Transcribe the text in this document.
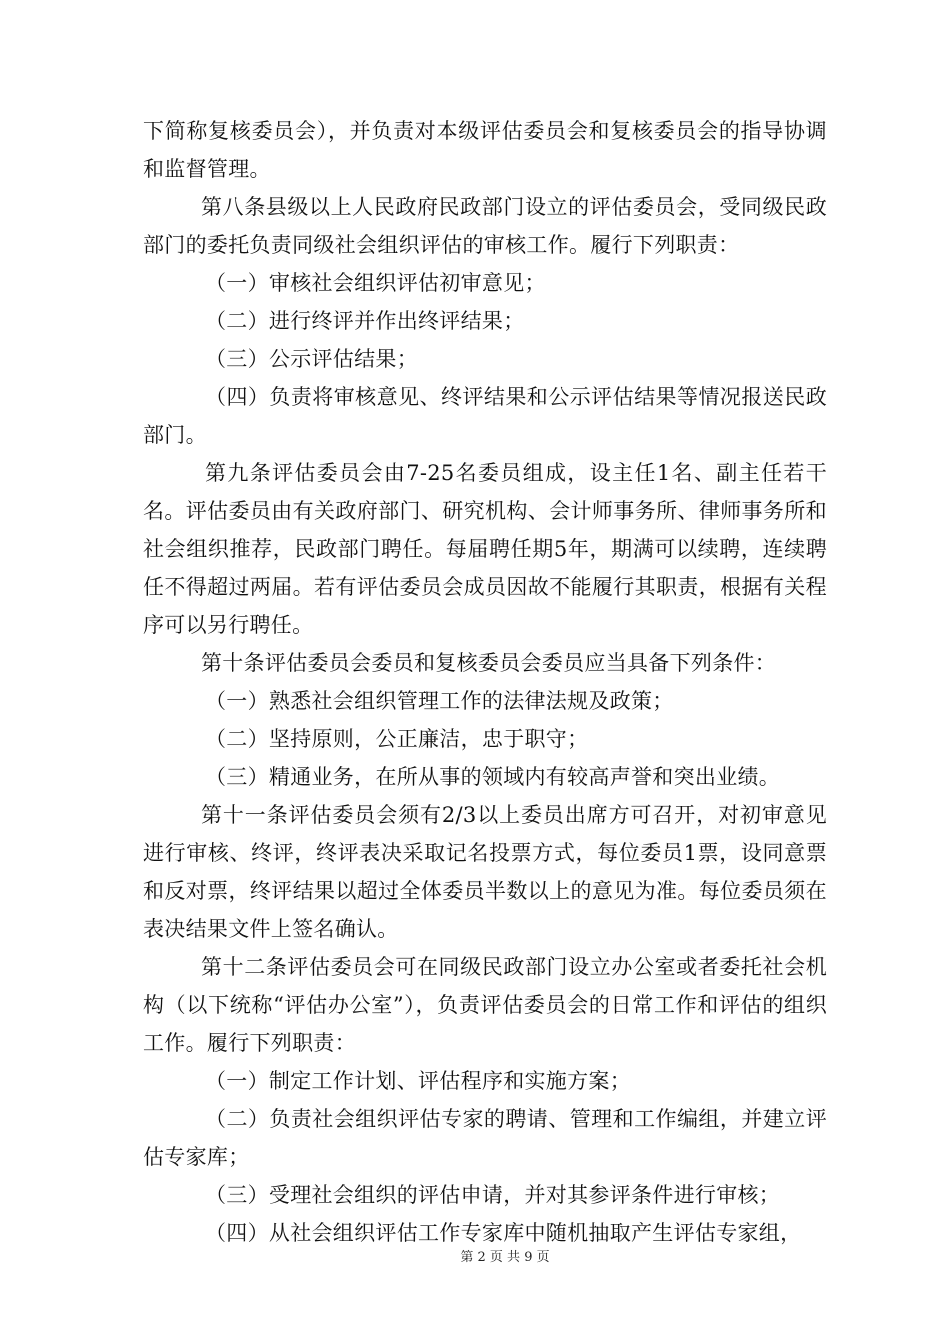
下简称复核委员会），并负责对本级评估委员会和复核委员会的指导协调和监督管理。

第八条县级以上人民政府民政部门设立的评估委员会，受同级民政部门的委托负责同级社会组织评估的审核工作。履行下列职责：

（一）审核社会组织评估初审意见；

（二）进行终评并作出终评结果；

（三）公示评估结果；

（四）负责将审核意见、终评结果和公示评估结果等情况报送民政部门。

第九条评估委员会由7-25名委员组成，设主任1名、副主任若干名。评估委员由有关政府部门、研究机构、会计师事务所、律师事务所和社会组织推荐，民政部门聘任。每届聘任期5年，期满可以续聘，连续聘任不得超过两届。若有评估委员会成员因故不能履行其职责，根据有关程序可以另行聘任。

第十条评估委员会委员和复核委员会委员应当具备下列条件：

（一）熟悉社会组织管理工作的法律法规及政策；

（二）坚持原则，公正廉洁，忠于职守；

（三）精通业务，在所从事的领域内有较高声誉和突出业绩。

第十一条评估委员会须有2/3以上委员出席方可召开，对初审意见进行审核、终评，终评表决采取记名投票方式，每位委员1票，设同意票和反对票，终评结果以超过全体委员半数以上的意见为准。每位委员须在表决结果文件上签名确认。

第十二条评估委员会可在同级民政部门设立办公室或者委托社会机构（以下统称“评估办公室”），负责评估委员会的日常工作和评估的组织工作。履行下列职责：

（一）制定工作计划、评估程序和实施方案；

（二）负责社会组织评估专家的聘请、管理和工作编组，并建立评估专家库；

（三）受理社会组织的评估申请，并对其参评条件进行审核；

（四）从社会组织评估工作专家库中随机抽取产生评估专家组，

第 2 页 共 9 页
